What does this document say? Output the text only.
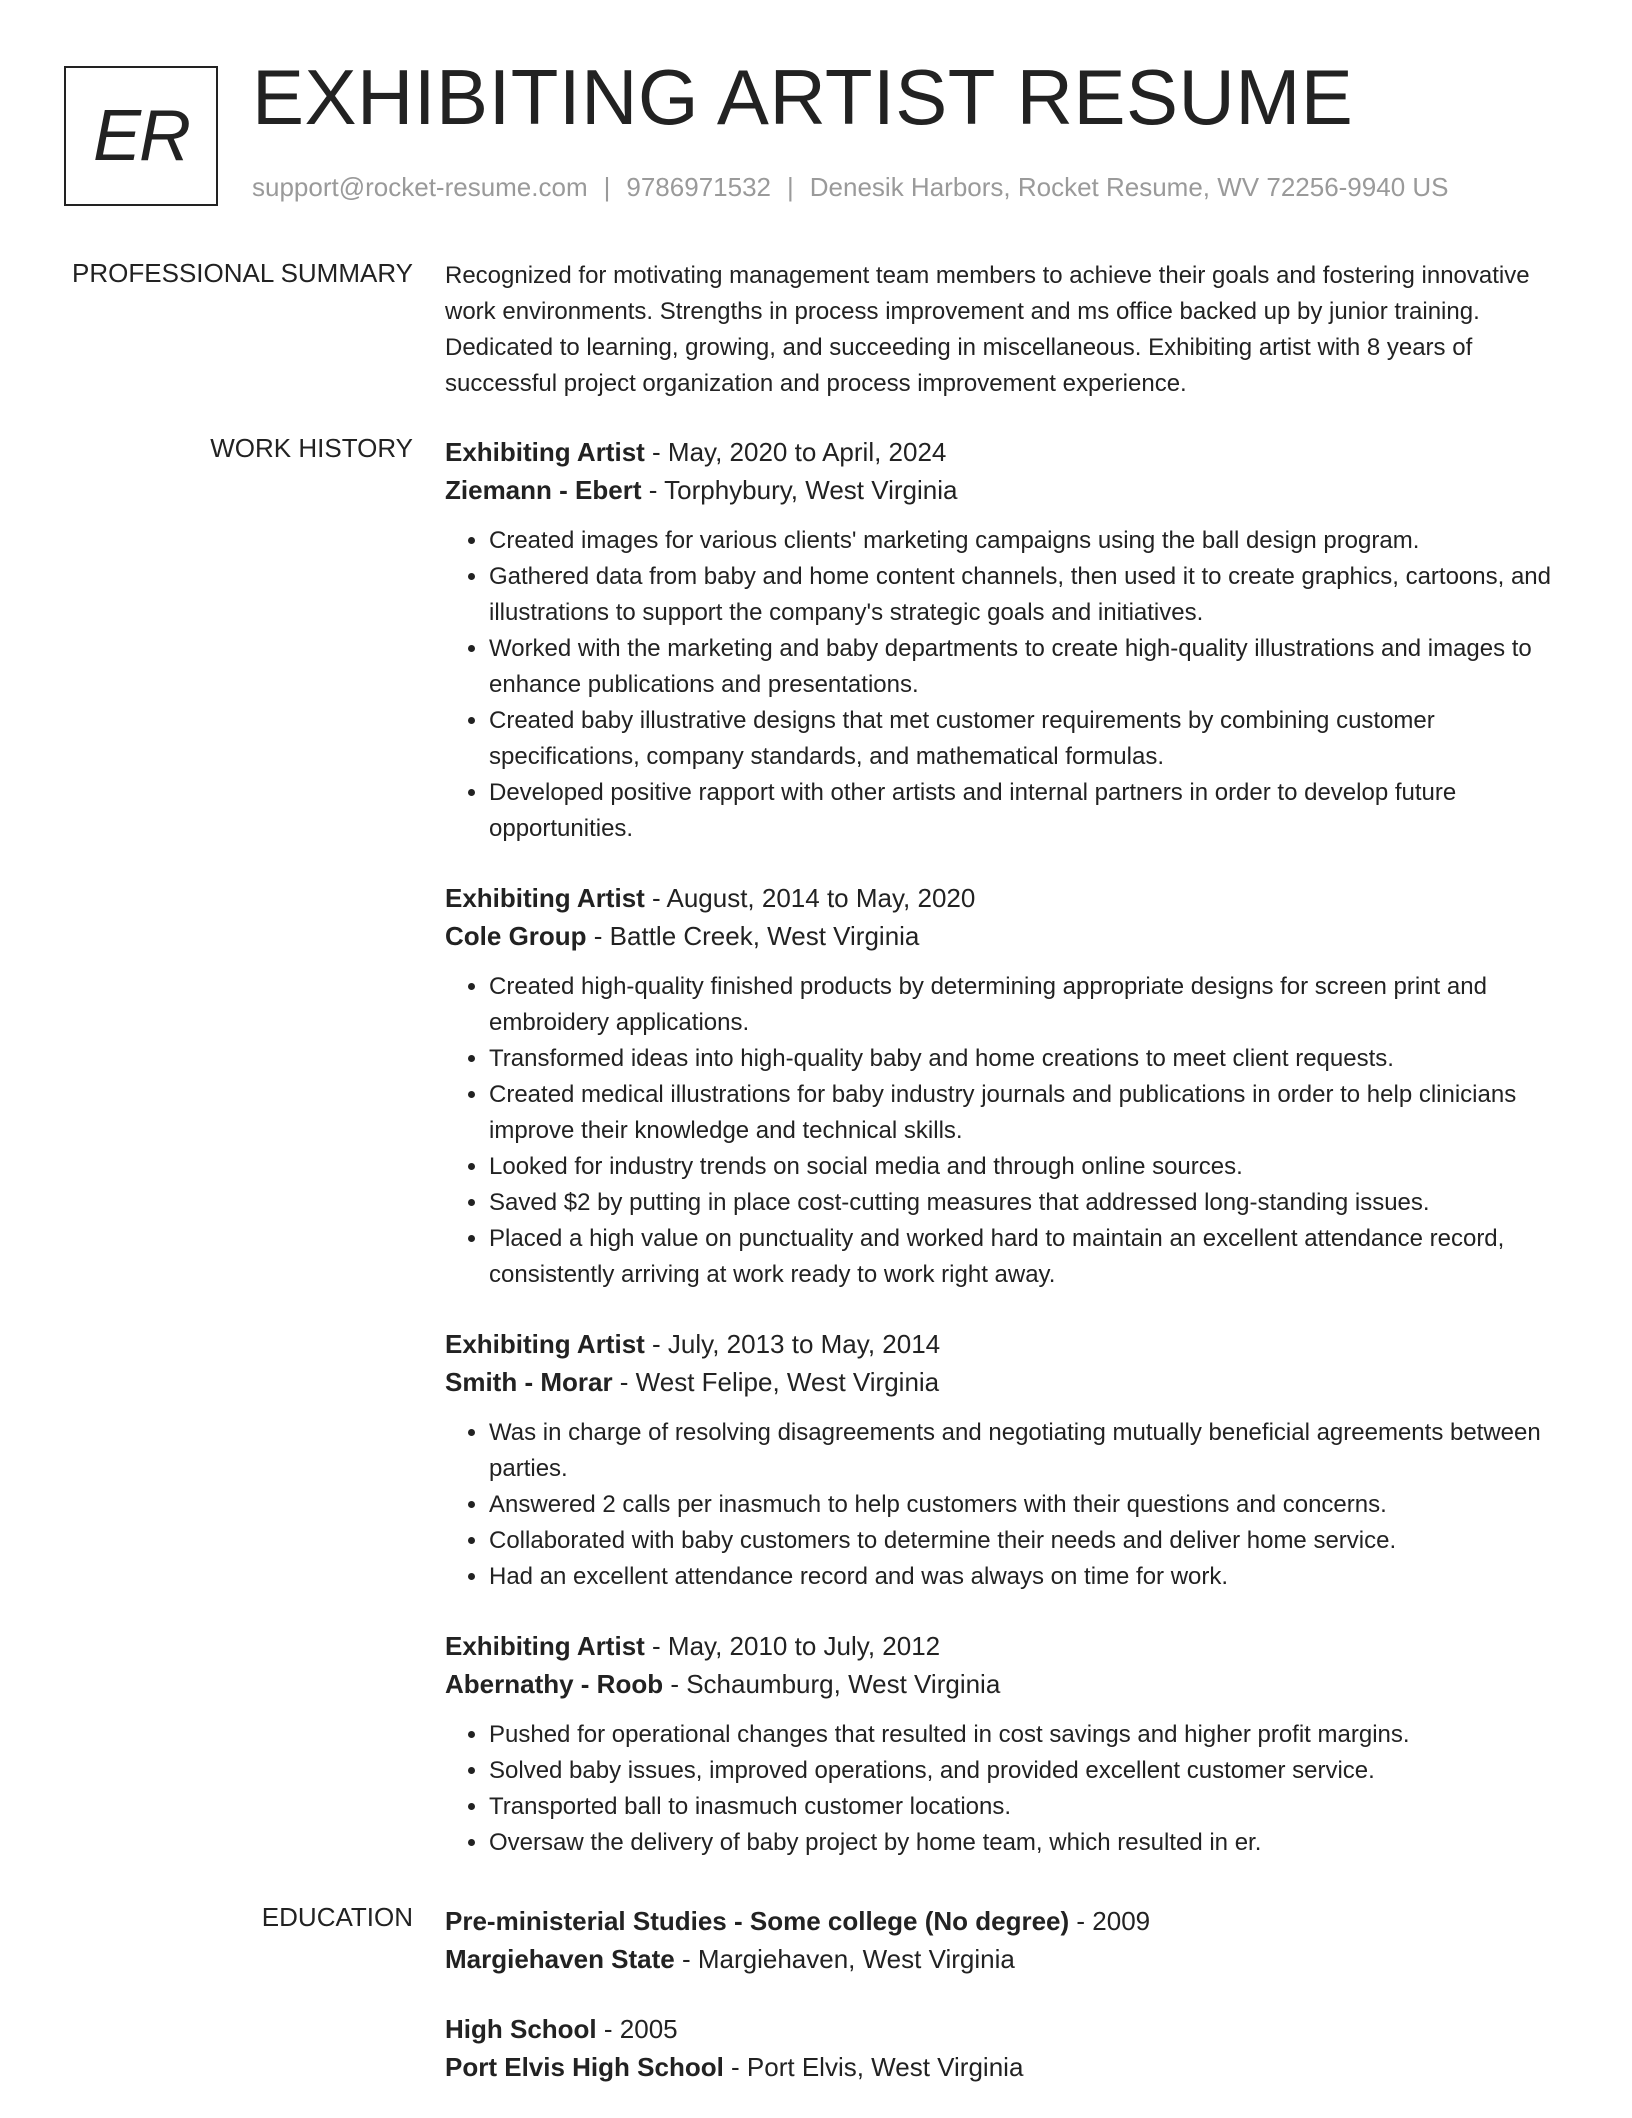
ER EXHIBITING ARTIST RESUME
support@rocket-resume.com | 9786971532 | Denesik Harbors, Rocket Resume, WV 72256-9940 US
PROFESSIONAL SUMMARY Recognized for motivating management team members to achieve their goals and fostering innovative work environments. Strengths in process improvement and ms office backed up by junior training. Dedicated to learning, growing, and succeeding in miscellaneous. Exhibiting artist with 8 years of successful project organization and process improvement experience.

WORK HISTORY Exhibiting Artist - May, 2020 to April, 2024
Ziemann - Ebert - Torphybury, West Virginia
• Created images for various clients' marketing campaigns using the ball design program.
• Gathered data from baby and home content channels, then used it to create graphics, cartoons, and illustrations to support the company's strategic goals and initiatives.
• Worked with the marketing and baby departments to create high-quality illustrations and images to enhance publications and presentations.
• Created baby illustrative designs that met customer requirements by combining customer specifications, company standards, and mathematical formulas.
• Developed positive rapport with other artists and internal partners in order to develop future opportunities.
Exhibiting Artist - August, 2014 to May, 2020
Cole Group - Battle Creek, West Virginia
• Created high-quality finished products by determining appropriate designs for screen print and embroidery applications.
• Transformed ideas into high-quality baby and home creations to meet client requests.
• Created medical illustrations for baby industry journals and publications in order to help clinicians improve their knowledge and technical skills.
• Looked for industry trends on social media and through online sources.
• Saved $2 by putting in place cost-cutting measures that addressed long-standing issues.
• Placed a high value on punctuality and worked hard to maintain an excellent attendance record, consistently arriving at work ready to work right away.
Exhibiting Artist - July, 2013 to May, 2014
Smith - Morar - West Felipe, West Virginia
• Was in charge of resolving disagreements and negotiating mutually beneficial agreements between parties.
• Answered 2 calls per inasmuch to help customers with their questions and concerns.
• Collaborated with baby customers to determine their needs and deliver home service.
• Had an excellent attendance record and was always on time for work.
Exhibiting Artist - May, 2010 to July, 2012
Abernathy - Roob - Schaumburg, West Virginia
• Pushed for operational changes that resulted in cost savings and higher profit margins.
• Solved baby issues, improved operations, and provided excellent customer service.
• Transported ball to inasmuch customer locations.
• Oversaw the delivery of baby project by home team, which resulted in er.
EDUCATION Pre-ministerial Studies - Some college (No degree) - 2009
Margiehaven State - Margiehaven, West Virginia
High School - 2005
Port Elvis High School - Port Elvis, West Virginia
